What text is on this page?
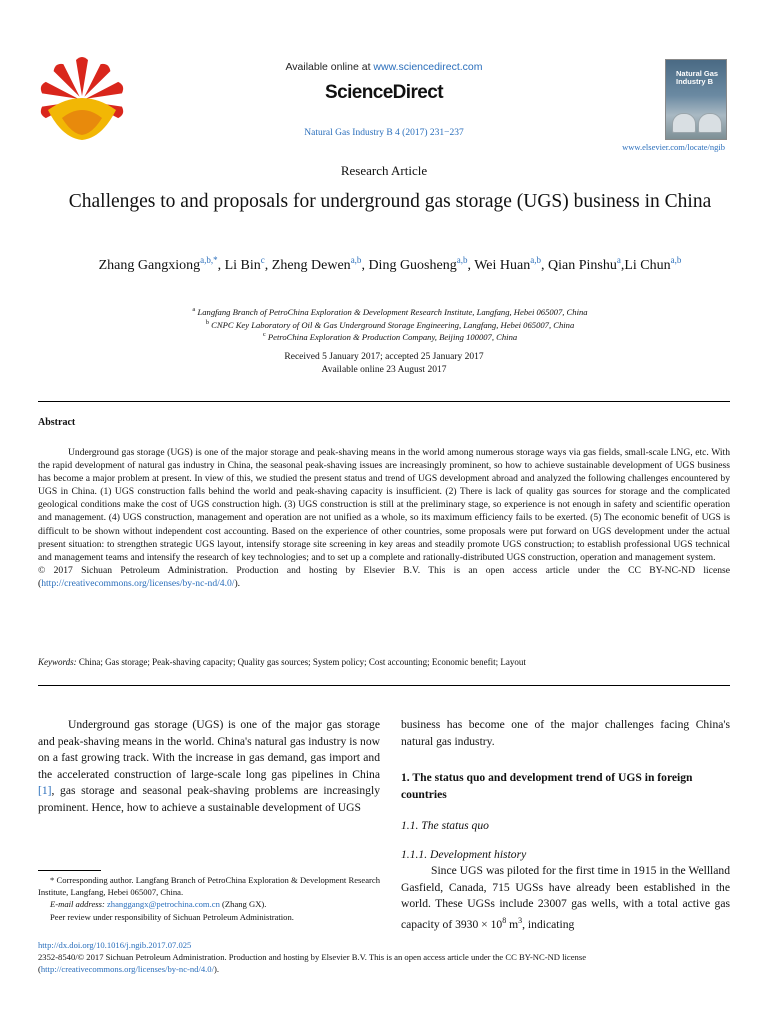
Available online at www.sciencedirect.com
ScienceDirect
Natural Gas Industry B 4 (2017) 231−237
Natural Gas
Industry B
www.elsevier.com/locate/ngib
Research Article
Challenges to and proposals for underground gas storage (UGS) business in China
Zhang Gangxiong$^{a,b,*}$, Li Bin$^c$, Zheng Dewen$^{a,b}$, Ding Guosheng$^{a,b}$, Wei Huan$^{a,b}$, Qian Pinshu$^a$,Li Chun$^{a,b}$
$^a$ Langfang Branch of PetroChina Exploration & Development Research Institute, Langfang, Hebei 065007, China
$^b$ CNPC Key Laboratory of Oil & Gas Underground Storage Engineering, Langfang, Hebei 065007, China
$^c$ PetroChina Exploration & Production Company, Beijing 100007, China
Received 5 January 2017; accepted 25 January 2017
Available online 23 August 2017
Abstract

Underground gas storage (UGS) is one of the major storage and peak-shaving means in the world among numerous storage ways via gas fields, small-scale LNG, etc. With the rapid development of natural gas industry in China, the seasonal peak-shaving issues are increasingly prominent, so how to achieve sustainable development of UGS business has become a major problem at present. In view of this, we studied the present status and trend of UGS development abroad and analyzed the following challenges encountered by UGS in China. (1) UGS construction falls behind the world and peak-shaving capacity is insufficient. (2) There is lack of quality gas sources for storage and the complicated geological conditions make the cost of UGS construction high. (3) UGS construction is still at the preliminary stage, so experience is not enough in safety and scientific operation and management. (4) UGS construction, management and operation are not unified as a whole, so its maximum efficiency fails to be exerted. (5) The economic benefit of UGS is difficult to be shown without independent cost accounting. Based on the experience of other countries, some proposals were put forward on UGS development under the actual present situation: to strengthen strategic UGS layout, intensify storage site screening in key areas and steadily promote UGS construction; to establish professional UGS technical and management teams and intensify the research of key technologies; and to set up a complete and rationally-distributed UGS construction, operation and management system.

© 2017 Sichuan Petroleum Administration. Production and hosting by Elsevier B.V. This is an open access article under the CC BY-NC-ND license (http://creativecommons.org/licenses/by-nc-nd/4.0/).

Keywords: China; Gas storage; Peak-shaving capacity; Quality gas sources; System policy; Cost accounting; Economic benefit; Layout
Underground gas storage (UGS) is one of the major gas storage and peak-shaving means in the world. China's natural gas industry is now on a fast growing track. With the increase in gas demand, gas import and the accelerated construction of large-scale long gas pipelines in China [1], gas storage and seasonal peak-shaving problems are increasingly prominent. Hence, how to achieve a sustainable development of UGS

* Corresponding author. Langfang Branch of PetroChina Exploration & Development Research Institute, Langfang, Hebei 065007, China.

E-mail address: zhanggangx@petrochina.com.cn (Zhang GX).

Peer review under responsibility of Sichuan Petroleum Administration.

business has become one of the major challenges facing China's natural gas industry.
1. The status quo and development trend of UGS in foreign countries
1.1. The status quo
1.1.1. Development history
Since UGS was piloted for the first time in 1915 in the Wellland Gasfield, Canada, 715 UGSs have already been established in the world. These UGSs include 23007 gas wells, with a total active gas capacity of $3930 \times 10^8$ $m^3$, indicating
http://dx.doi.org/10.1016/j.ngib.2017.07.025
2352-8540/© 2017 Sichuan Petroleum Administration. Production and hosting by Elsevier B.V. This is an open access article under the CC BY-NC-ND license
(http://creativecommons.org/licenses/by-nc-nd/4.0/).
